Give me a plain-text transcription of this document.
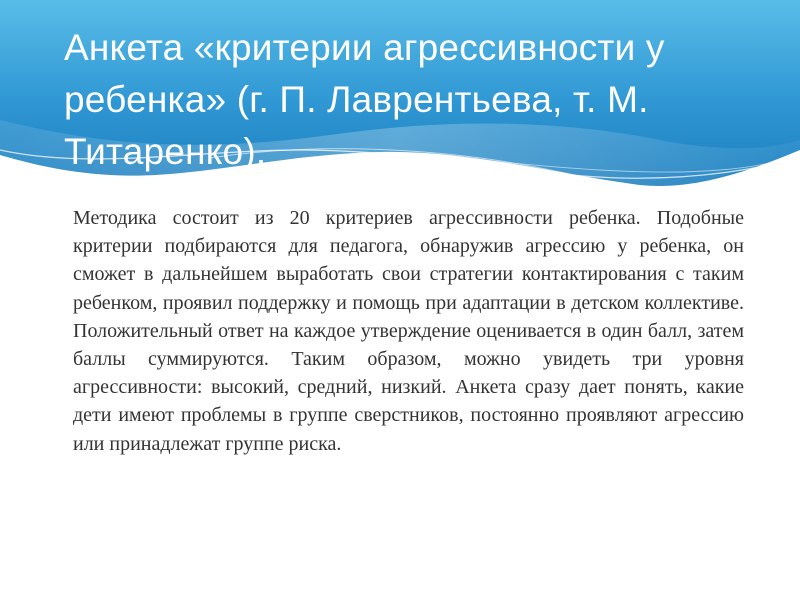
Анкета «критерии агрессивности у ребенка» (г. П. Лаврентьева, т. М. Титаренко).

Методика состоит из 20 критериев агрессивности ребенка. Подобные критерии подбираются для педагога, обнаружив агрессию у ребенка, он сможет в дальнейшем выработать свои стратегии контактирования с таким ребенком, проявил поддержку и помощь при адаптации в детском коллективе. Положительный ответ на каждое утверждение оценивается в один балл, затем баллы суммируются. Таким образом, можно увидеть три уровня агрессивности: высокий, средний, низкий. Анкета сразу дает понять, какие дети имеют проблемы в группе сверстников, постоянно проявляют агрессию или принадлежат группе риска.
